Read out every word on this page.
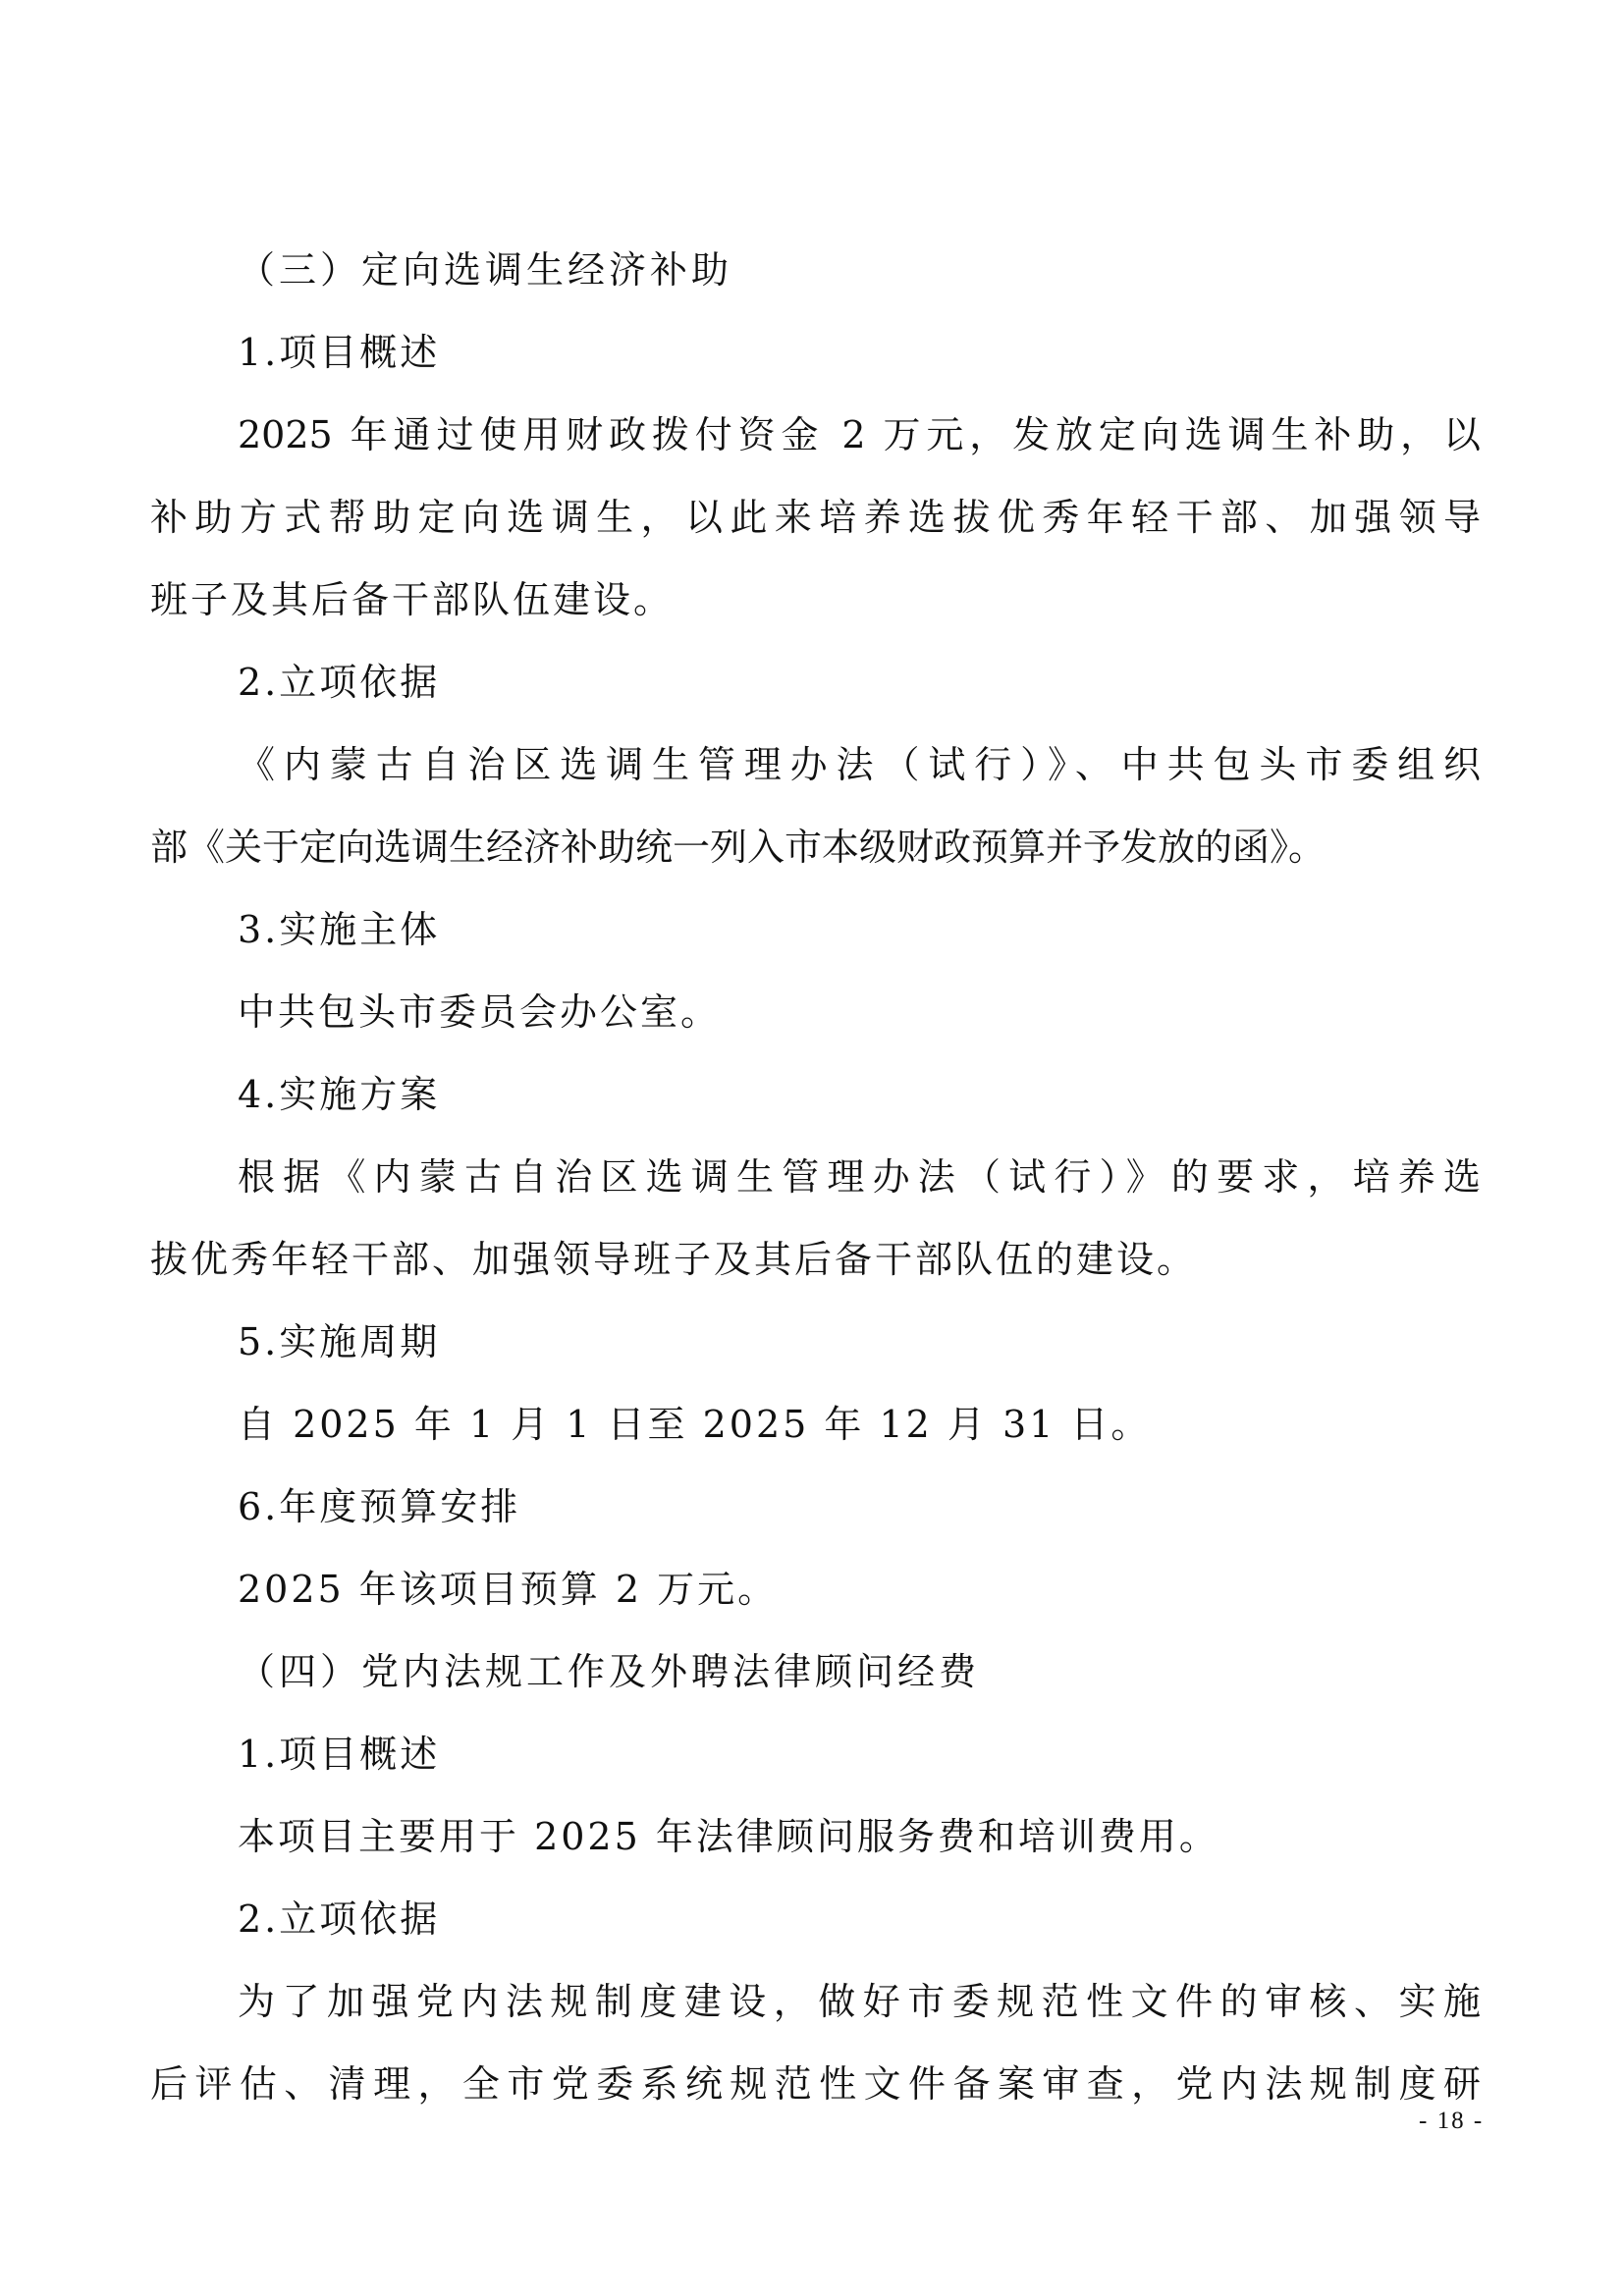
（三）定向选调生经济补助
1.项目概述
2025 年通过使用财政拨付资金 2 万元，发放定向选调生补助，以
补助方式帮助定向选调生，以此来培养选拔优秀年轻干部、加强领导
班子及其后备干部队伍建设。
2.立项依据
《内蒙古自治区选调生管理办法（试行）》、中共包头市委组织
部《关于定向选调生经济补助统一列入市本级财政预算并予发放的函》。
3.实施主体
中共包头市委员会办公室。
4.实施方案
根据《内蒙古自治区选调生管理办法（试行）》的要求，培养选
拔优秀年轻干部、加强领导班子及其后备干部队伍的建设。
5.实施周期
自 2025 年 1 月 1 日至 2025 年 12 月 31 日。
6.年度预算安排
2025 年该项目预算 2 万元。
（四）党内法规工作及外聘法律顾问经费
1.项目概述
本项目主要用于 2025 年法律顾问服务费和培训费用。
2.立项依据
为了加强党内法规制度建设，做好市委规范性文件的审核、实施
后评估、清理，全市党委系统规范性文件备案审查，党内法规制度研
- 18 -
